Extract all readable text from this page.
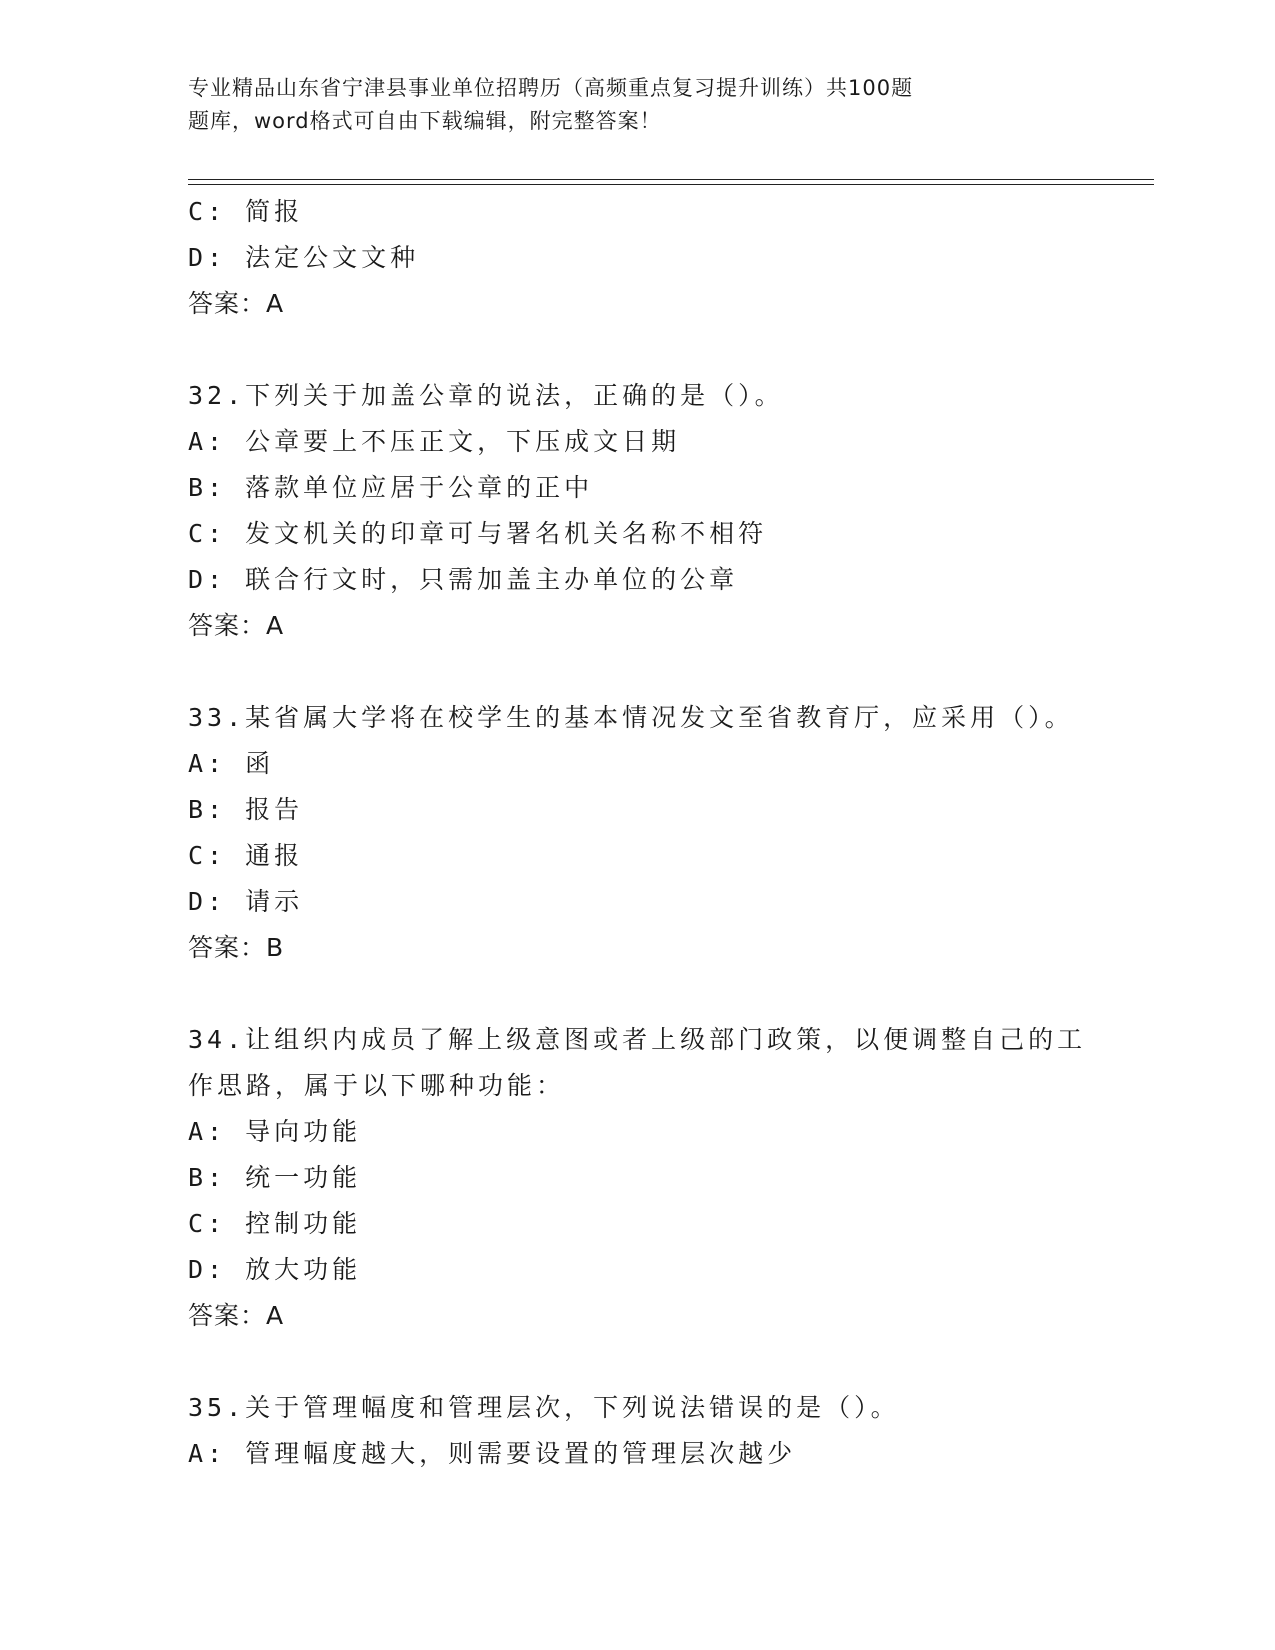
专业精品山东省宁津县事业单位招聘历（高频重点复习提升训练）共100题
题库，word格式可自由下载编辑，附完整答案！
C: 简报
D: 法定公文文种
答案：A
32.下列关于加盖公章的说法，正确的是（）。
A: 公章要上不压正文，下压成文日期
B: 落款单位应居于公章的正中
C: 发文机关的印章可与署名机关名称不相符
D: 联合行文时，只需加盖主办单位的公章
答案：A
33.某省属大学将在校学生的基本情况发文至省教育厅，应采用（）。
A: 函
B: 报告
C: 通报
D: 请示
答案：B
34.让组织内成员了解上级意图或者上级部门政策，以便调整自己的工
作思路，属于以下哪种功能：
A: 导向功能
B: 统一功能
C: 控制功能
D: 放大功能
答案：A
35.关于管理幅度和管理层次，下列说法错误的是（）。
A: 管理幅度越大，则需要设置的管理层次越少
